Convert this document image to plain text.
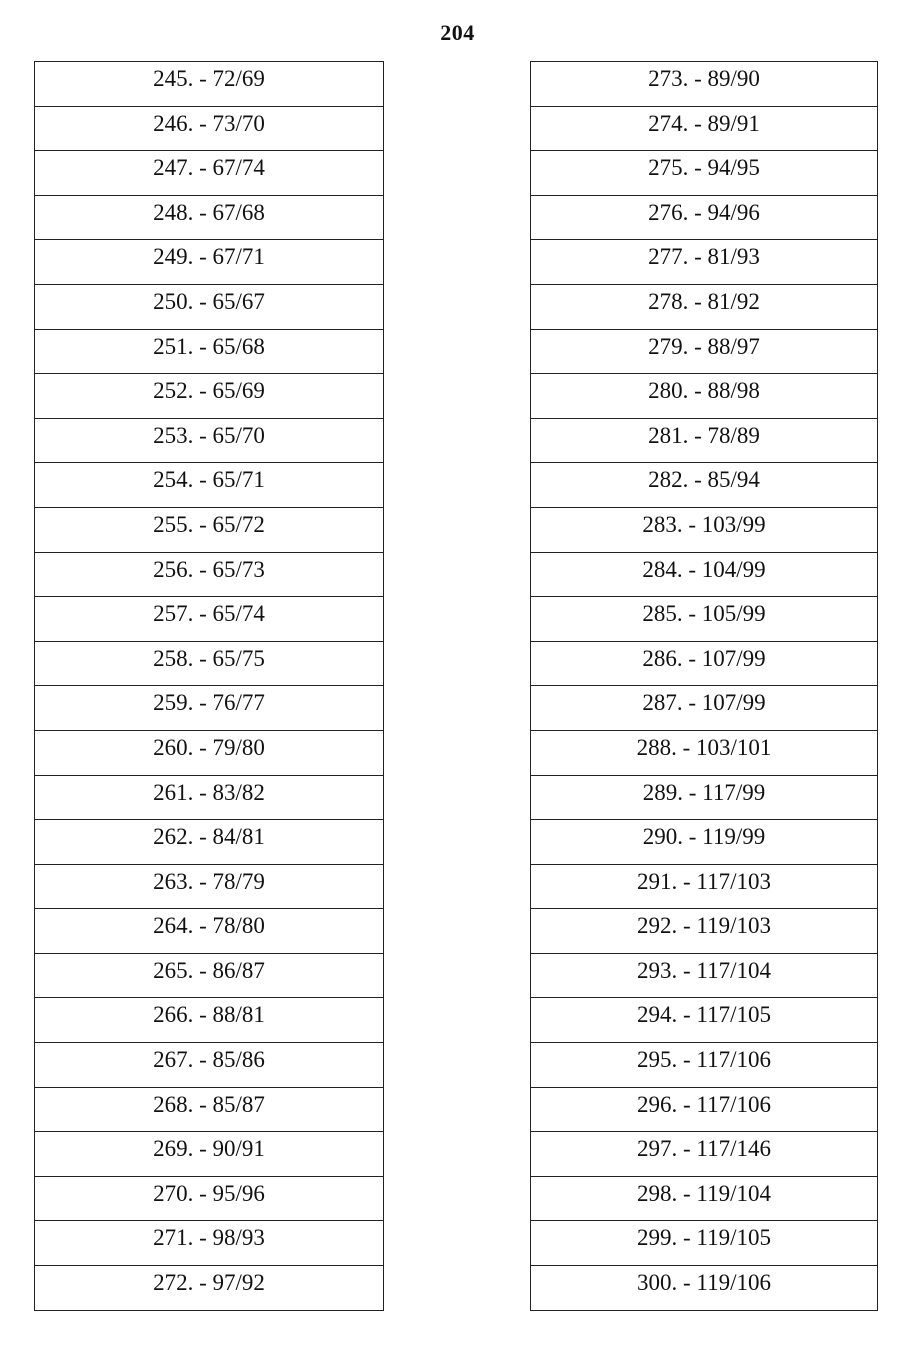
204
245. - 72/69
246. - 73/70
247. - 67/74
248. - 67/68
249. - 67/71
250. - 65/67
251. - 65/68
252. - 65/69
253. - 65/70
254. - 65/71
255. - 65/72
256. - 65/73
257. - 65/74
258. - 65/75
259. - 76/77
260. - 79/80
261. - 83/82
262. - 84/81
263. - 78/79
264. - 78/80
265. - 86/87
266. - 88/81
267. - 85/86
268. - 85/87
269. - 90/91
270. - 95/96
271. - 98/93
272. - 97/92
273. - 89/90
274. - 89/91
275. - 94/95
276. - 94/96
277. - 81/93
278. - 81/92
279. - 88/97
280. - 88/98
281. - 78/89
282. - 85/94
283. - 103/99
284. - 104/99
285. - 105/99
286. - 107/99
287. - 107/99
288. - 103/101
289. - 117/99
290. - 119/99
291. - 117/103
292. - 119/103
293. - 117/104
294. - 117/105
295. - 117/106
296. - 117/106
297. - 117/146
298. - 119/104
299. - 119/105
300. - 119/106
